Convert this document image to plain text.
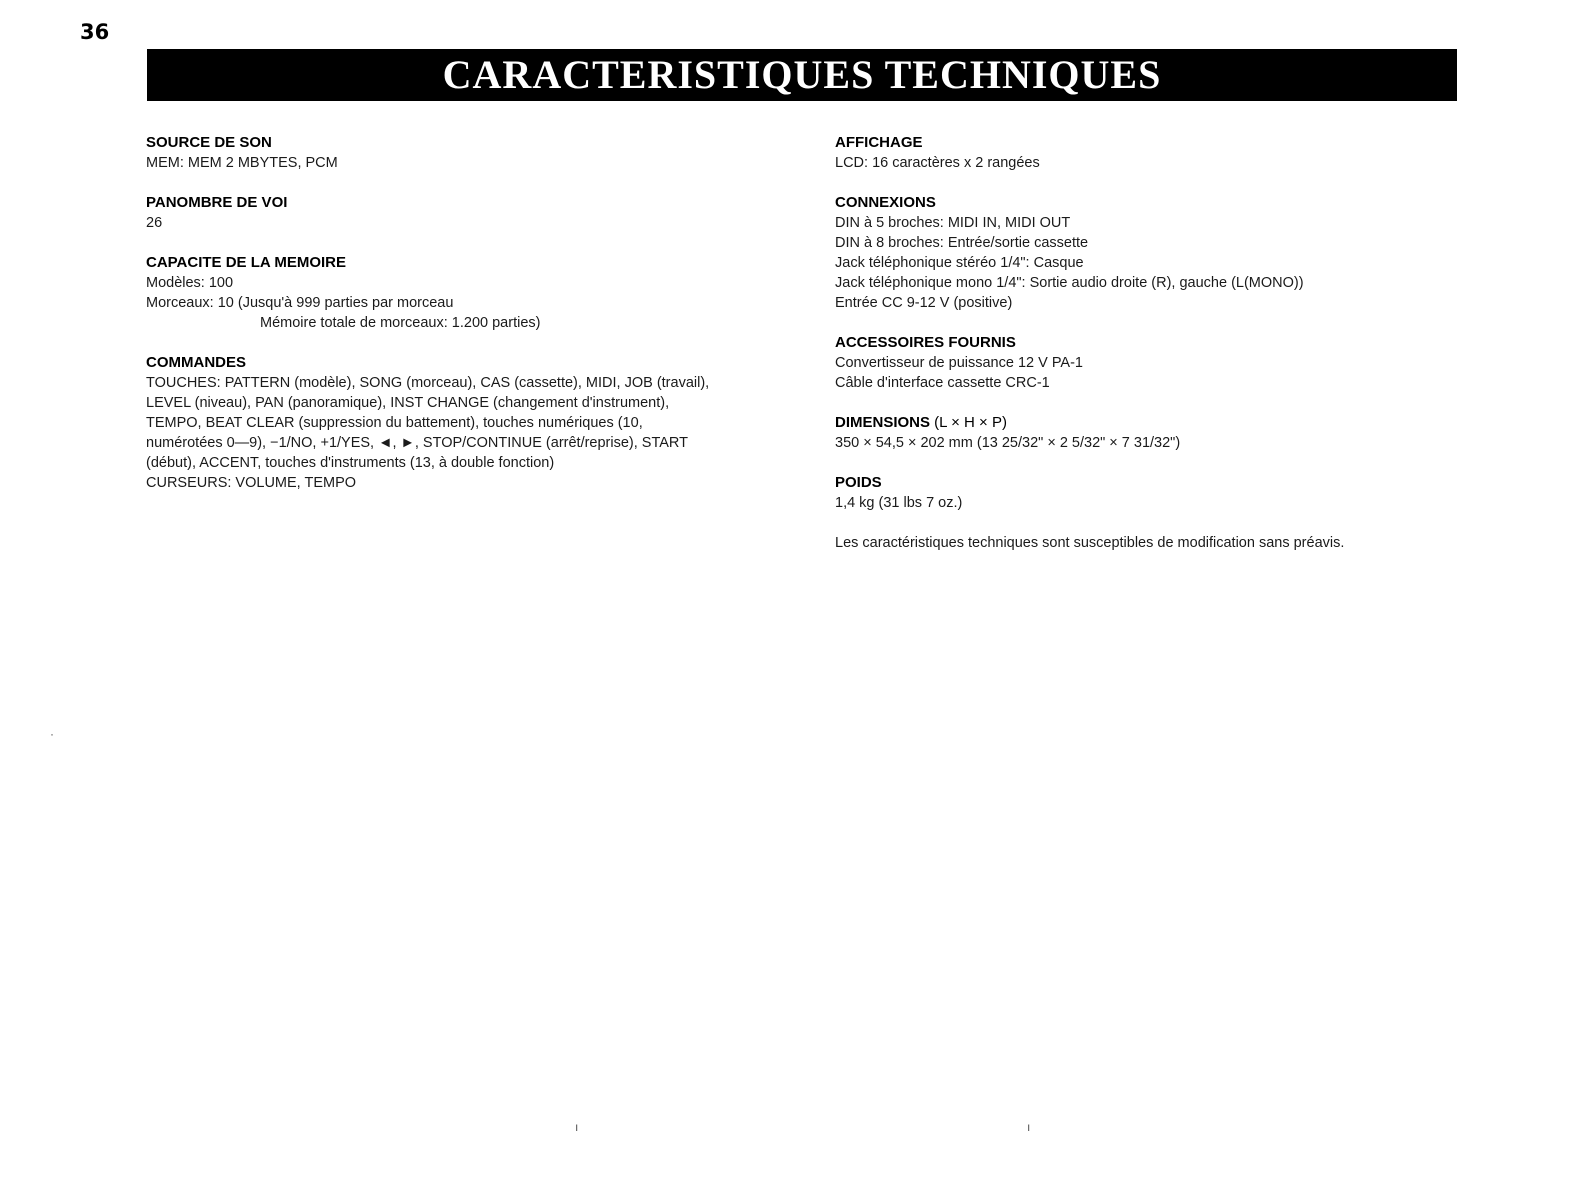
36
CARACTERISTIQUES TECHNIQUES
SOURCE DE SON
MEM: MEM 2 MBYTES, PCM
PANOMBRE DE VOI
26
CAPACITE DE LA MEMOIRE
Modèles: 100
Morceaux: 10 (Jusqu'à 999 parties par morceau
Mémoire totale de morceaux: 1.200 parties)
COMMANDES
TOUCHES: PATTERN (modèle), SONG (morceau), CAS (cassette), MIDI, JOB (travail),
LEVEL (niveau), PAN (panoramique), INST CHANGE (changement d'instrument),
TEMPO, BEAT CLEAR (suppression du battement), touches numériques (10,
numérotées 0—9), −1/NO, +1/YES, ◄, ►, STOP/CONTINUE (arrêt/reprise), START
(début), ACCENT, touches d'instruments (13, à double fonction)
CURSEURS: VOLUME, TEMPO
AFFICHAGE
LCD: 16 caractères x 2 rangées
CONNEXIONS
DIN à 5 broches: MIDI IN, MIDI OUT
DIN à 8 broches: Entrée/sortie cassette
Jack téléphonique stéréo 1/4": Casque
Jack téléphonique mono 1/4": Sortie audio droite (R), gauche (L(MONO))
Entrée CC 9-12 V (positive)
ACCESSOIRES FOURNIS
Convertisseur de puissance 12 V PA-1
Câble d'interface cassette CRC-1
DIMENSIONS (L × H × P)
350 × 54,5 × 202 mm (13 25/32" × 2 5/32" × 7 31/32")
POIDS
1,4 kg (31 lbs 7 oz.)
Les caractéristiques techniques sont susceptibles de modification sans préavis.
·
ı	ı
